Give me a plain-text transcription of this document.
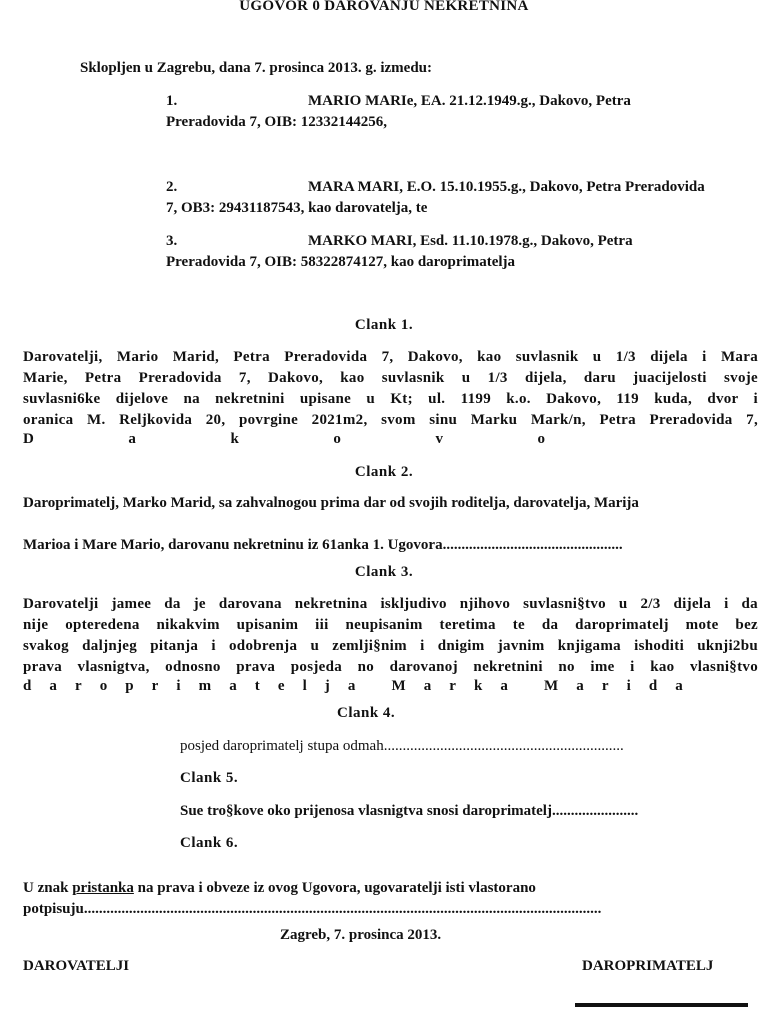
UGOVOR 0 DAROVANJU NEKRETNINA
Sklopljen u Zagrebu, dana 7. prosinca 2013. g. izmedu:
1.	MARIO MARIe, EA. 21.12.1949.g., Dakovo, Petra
Preradovida 7, OIB: 12332144256,
2.	MARA MARI, E.O. 15.10.1955.g., Dakovo, Petra Preradovida
7, OB3: 29431187543, kao darovatelja, te
3.	MARKO MARI, Esd. 11.10.1978.g., Dakovo, Petra
Preradovida 7, OIB: 58322874127, kao daroprimatelja
Clank 1.
Darovatelji, Mario Marid, Petra Preradovida 7, Dakovo, kao suvlasnik u 1/3 dijela i Mara
Marie, Petra Preradovida 7, Dakovo, kao suvlasnik u 1/3 dijela, daru juacijelosti svoje
suvlasni6ke dijelove na nekretnini upisane u Kt; ul. 1199 k.o. Dakovo, 119 kuda, dvor i
oranica M. Reljkovida 20, povrgine 2021m2, svom sinu Marku Mark/n, Petra Preradovida 7,
D	a	k	o	v	o
Clank 2.
Daroprimatelj, Marko Marid, sa zahvalnogou prima dar od svojih roditelja, darovatelja, Marija
Marioa i Mare Mario, darovanu nekretninu iz 61anka 1. Ugovora................................................
Clank 3.
Darovatelji jamee da je darovana nekretnina iskljudivo njihovo suvlasni§tvo u 2/3 dijela i da
nije opteredena nikakvim upisanim iii neupisanim teretima te da daroprimatelj mote bez
svakog daljnjeg pitanja i odobrenja u zemlji§nim i dnigim javnim knjigama ishoditi uknji2bu
prava vlasnigtva, odnosno prava posjeda no darovanoj nekretnini no ime i kao vlasni§tvo
d a r o p r i m a t e l j a M a r k a M a r i d a
Clank 4.
posjed daroprimatelj stupa odmah................................................................
Clank 5.
Sue tro§kove oko prijenosa vlasnigtva snosi daroprimatelj.......................
Clank 6.
U znak pristanka na prava i obveze iz ovog Ugovora, ugovaratelji isti vlastorano
potpisuju..........................................................................................................................................
Zagreb, 7. prosinca 2013.
DAROVATELJI	DAROPRIMATELJ
